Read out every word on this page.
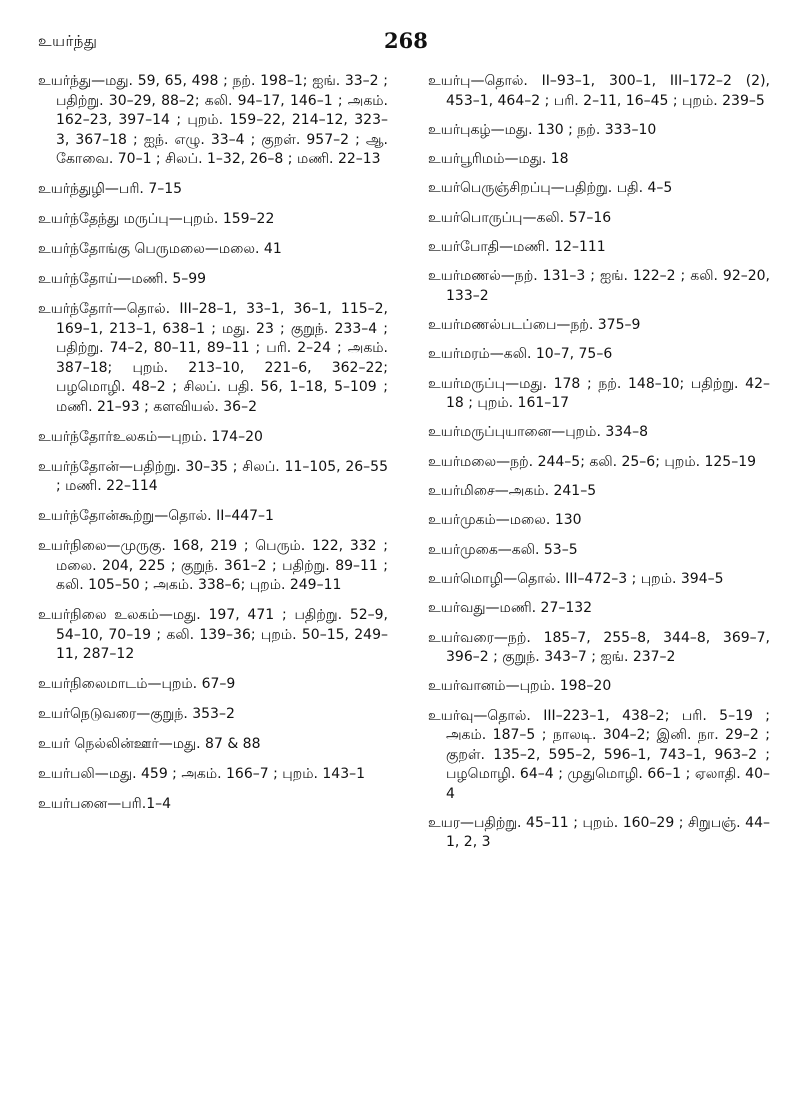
உயர்ந்து	268

உயர்ந்து—மது. 59, 65, 498 ; நற். 198–1; ஐங். 33–2 ; பதிற்று. 30–29, 88–2; கலி. 94–17, 146–1 ; அகம். 162–23, 397–14 ; புறம். 159–22, 214–12, 323–3, 367–18 ; ஐந். எழு. 33–4 ; குறள். 957–2 ; ஆ. கோவை. 70–1 ; சிலப். 1–32, 26–8 ; மணி. 22–13

உயர்ந்துழி—பரி. 7–15

உயர்ந்தேந்து மருப்பு—புறம். 159–22

உயர்ந்தோங்கு பெருமலை—மலை. 41

உயர்ந்தோய்—மணி. 5–99

உயர்ந்தோர்—தொல். III–28–1, 33–1, 36–1, 115–2, 169–1, 213–1, 638–1 ; மது. 23 ; குறுந். 233–4 ; பதிற்று. 74–2, 80–11, 89–11 ; பரி. 2–24 ; அகம். 387–18; புறம். 213–10, 221–6, 362–22; பழமொழி. 48–2 ; சிலப். பதி. 56, 1–18, 5–109 ; மணி. 21–93 ; களவியல். 36–2

உயர்ந்தோர்உலகம்—புறம். 174–20

உயர்ந்தோன்—பதிற்று. 30–35 ; சிலப். 11–105, 26–55 ; மணி. 22–114

உயர்ந்தோன்கூற்று—தொல். II–447–1

உயர்நிலை—முருகு. 168, 219 ; பெரும். 122, 332 ; மலை. 204, 225 ; குறுந். 361–2 ; பதிற்று. 89–11 ; கலி. 105–50 ; அகம். 338–6; புறம். 249–11

உயர்நிலை உலகம்—மது. 197, 471 ; பதிற்று. 52–9, 54–10, 70–19 ; கலி. 139–36; புறம். 50–15, 249–11, 287–12

உயர்நிலைமாடம்—புறம். 67–9

உயர்நெடுவரை—குறுந். 353–2

உயர் நெல்லின்ஊர்—மது. 87 & 88

உயர்பலி—மது. 459 ; அகம். 166–7 ; புறம். 143–1

உயர்பனை—பரி.1–4

உயர்பு—தொல். II–93–1, 300–1, III–172–2 (2), 453–1, 464–2 ; பரி. 2–11, 16–45 ; புறம். 239–5

உயர்புகழ்—மது. 130 ; நற். 333–10

உயர்பூரிமம்—மது. 18

உயர்பெருஞ்சிறப்பு—பதிற்று. பதி. 4–5

உயர்பொருப்பு—கலி. 57–16

உயர்போதி—மணி. 12–111

உயர்மணல்—நற். 131–3 ; ஐங். 122–2 ; கலி. 92–20, 133–2

உயர்மணல்படப்பை—நற். 375–9

உயர்மரம்—கலி. 10–7, 75–6

உயர்மருப்பு—மது. 178 ; நற். 148–10; பதிற்று. 42–18 ; புறம். 161–17

உயர்மருப்புயானை—புறம். 334–8

உயர்மலை—நற். 244–5; கலி. 25–6; புறம். 125–19

உயர்மிசை—அகம். 241–5

உயர்முகம்—மலை. 130

உயர்முகை—கலி. 53–5

உயர்மொழி—தொல். III–472–3 ; புறம். 394–5

உயர்வது—மணி. 27–132

உயர்வரை—நற். 185–7, 255–8, 344–8, 369–7, 396–2 ; குறுந். 343–7 ; ஐங். 237–2

உயர்வானம்—புறம். 198–20

உயர்வு—தொல். III–223–1, 438–2; பரி. 5–19 ; அகம். 187–5 ; நாலடி. 304–2; இனி. நா. 29–2 ; குறள். 135–2, 595–2, 596–1, 743–1, 963–2 ; பழமொழி. 64–4 ; முதுமொழி. 66–1 ; ஏலாதி. 40–4

உயர—பதிற்று. 45–11 ; புறம். 160–29 ; சிறுபஞ். 44–1, 2, 3
